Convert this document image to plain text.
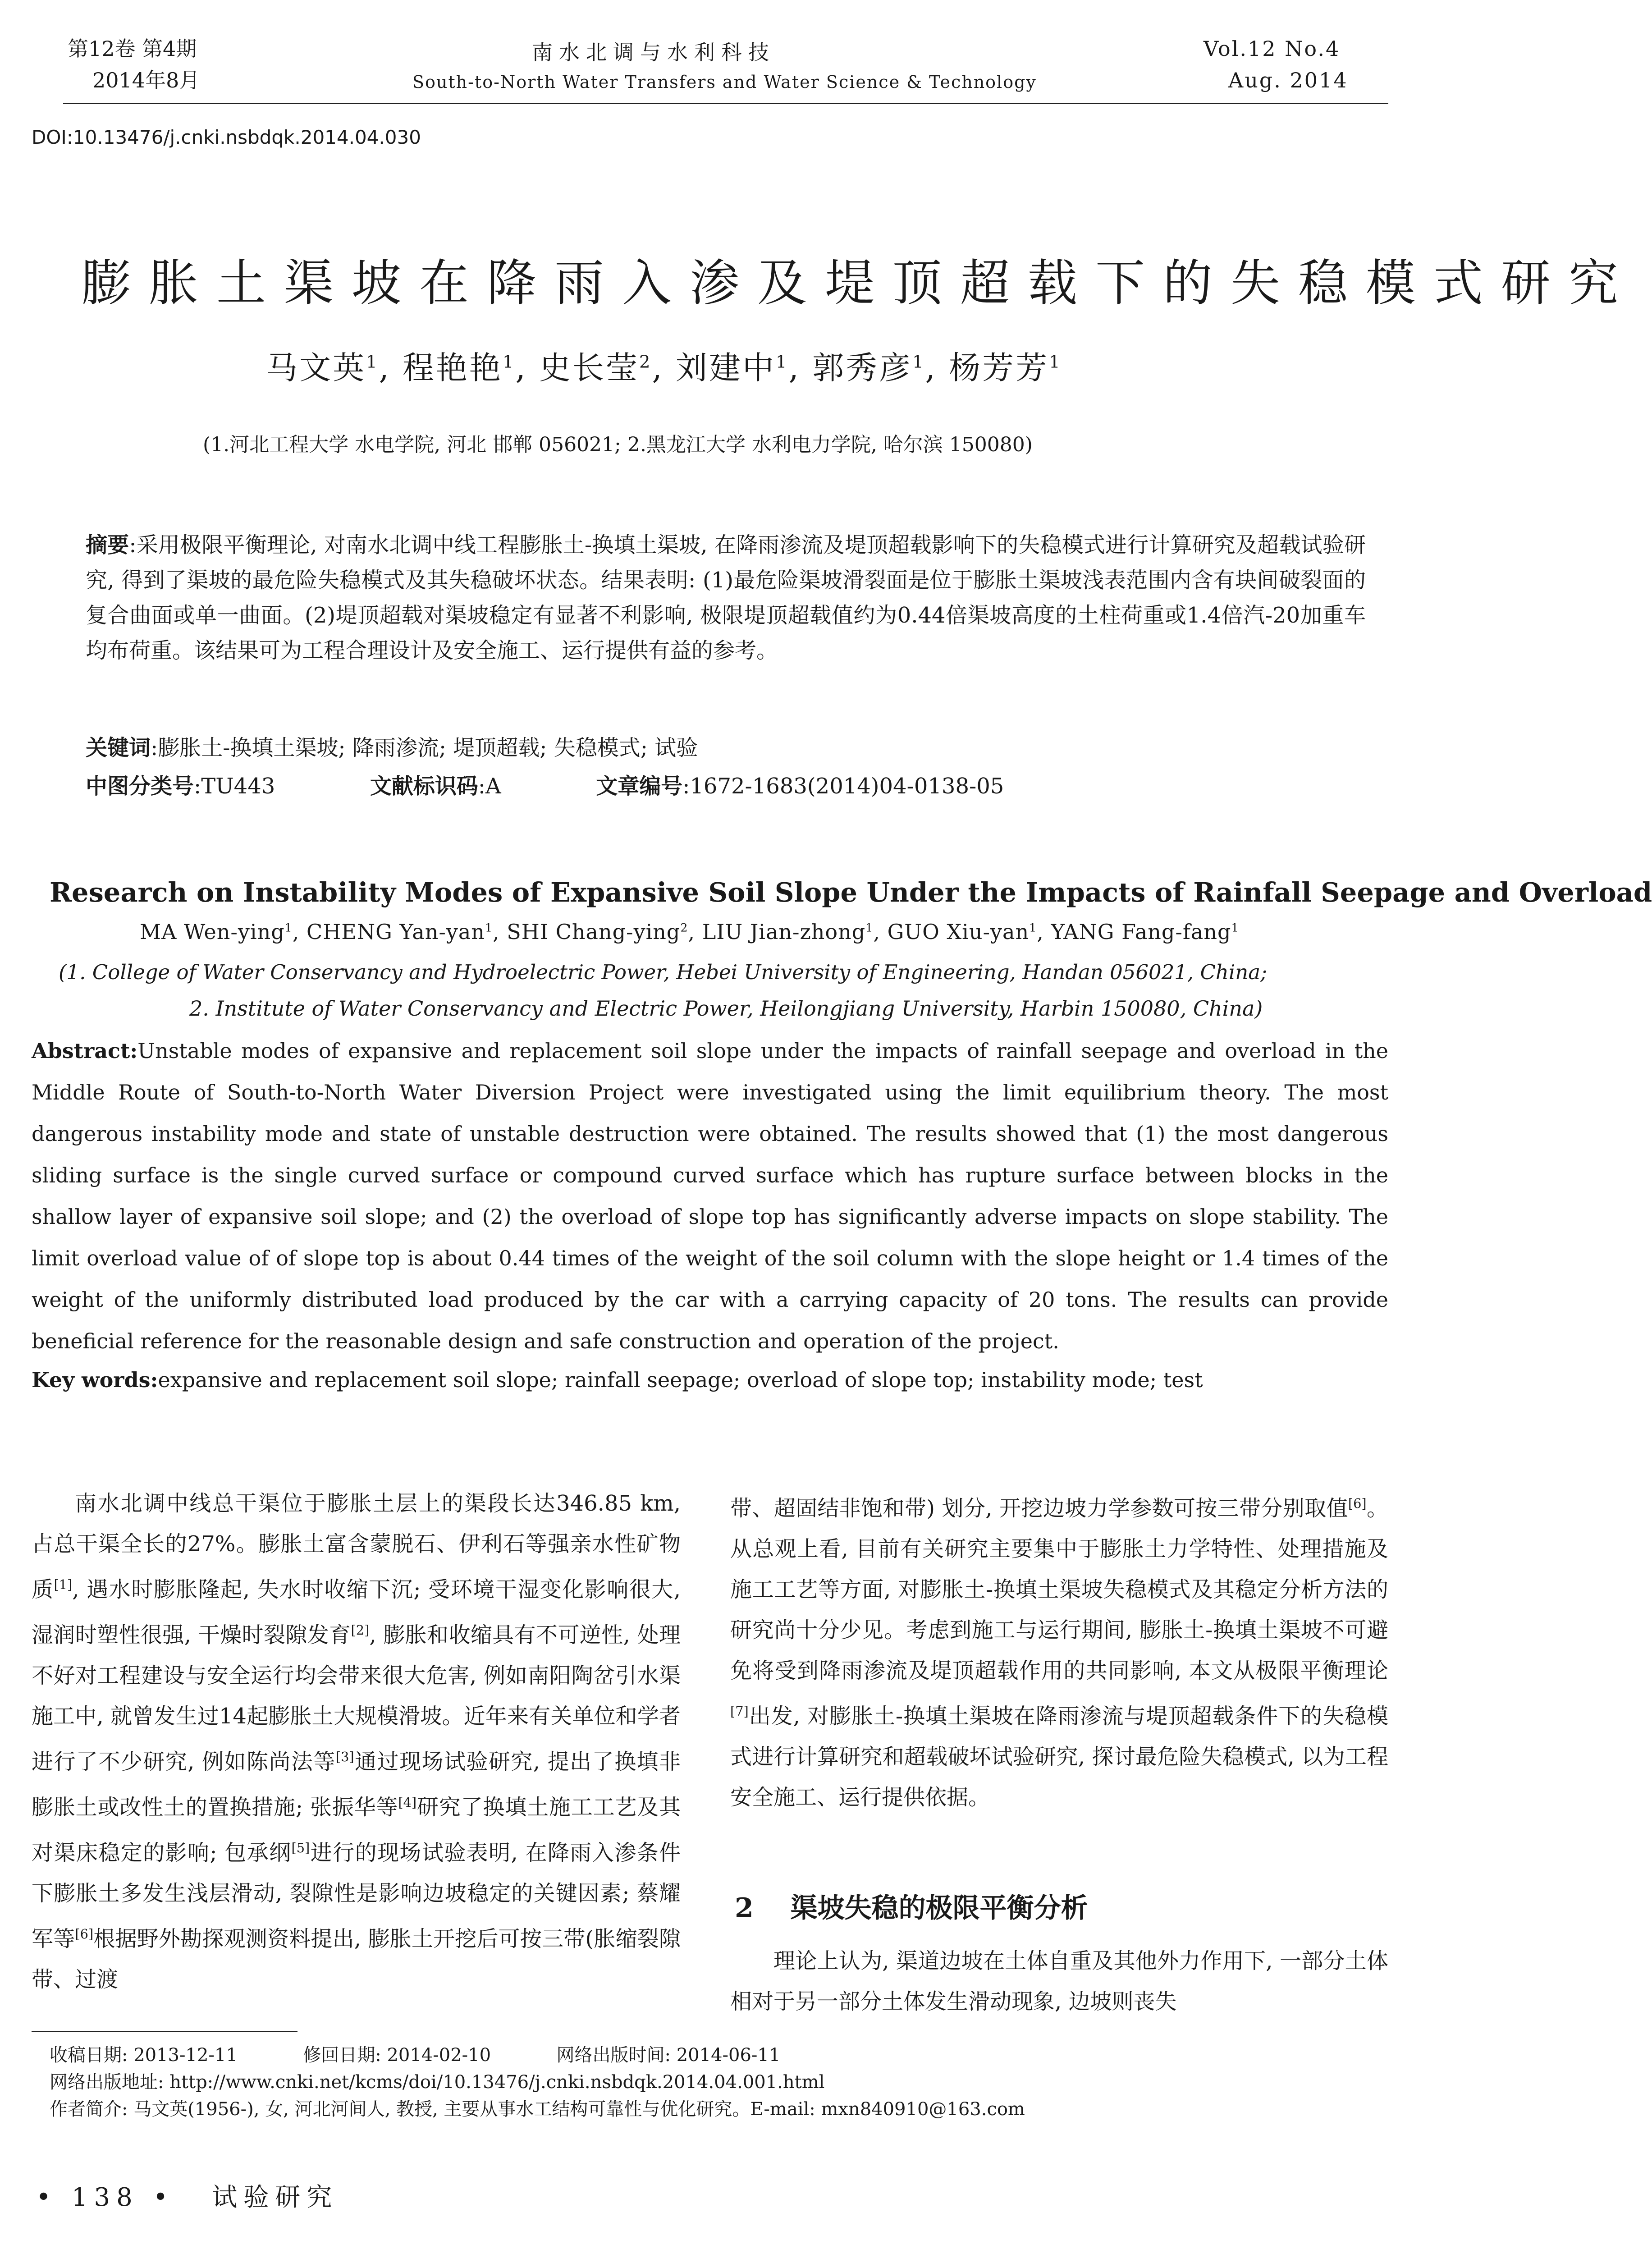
第12卷 第4期
2014年8月
南水北调与水利科技
South-to-North Water Transfers and Water Science & Technology
Vol.12 No.4
Aug. 2014
DOI:10.13476/j.cnki.nsbdqk.2014.04.030
膨胀土渠坡在降雨入渗及堤顶超载下的失稳模式研究
马文英$^1$, 程艳艳$^1$, 史长莹$^2$, 刘建中$^1$, 郭秀彦$^1$, 杨芳芳$^1$
(1.河北工程大学 水电学院, 河北 邯郸 056021; 2.黑龙江大学 水利电力学院, 哈尔滨 150080)
摘要:采用极限平衡理论, 对南水北调中线工程膨胀土-换填土渠坡, 在降雨渗流及堤顶超载影响下的失稳模式进行计算研究及超载试验研究, 得到了渠坡的最危险失稳模式及其失稳破坏状态。结果表明: (1)最危险渠坡滑裂面是位于膨胀土渠坡浅表范围内含有块间破裂面的复合曲面或单一曲面。(2)堤顶超载对渠坡稳定有显著不利影响, 极限堤顶超载值约为0.44倍渠坡高度的土柱荷重或1.4倍汽-20加重车均布荷重。该结果可为工程合理设计及安全施工、运行提供有益的参考。
关键词:膨胀土-换填土渠坡; 降雨渗流; 堤顶超载; 失稳模式; 试验
中图分类号:TU443	文献标识码:A	文章编号:1672-1683(2014)04-0138-05
Research on Instability Modes of Expansive Soil Slope Under the Impacts of Rainfall Seepage and Overload
MA Wen-ying$^1$, CHENG Yan-yan$^1$, SHI Chang-ying$^2$, LIU Jian-zhong$^1$, GUO Xiu-yan$^1$, YANG Fang-fang$^1$
(1. College of Water Conservancy and Hydroelectric Power, Hebei University of Engineering, Handan 056021, China;
2. Institute of Water Conservancy and Electric Power, Heilongjiang University, Harbin 150080, China)
Abstract:Unstable modes of expansive and replacement soil slope under the impacts of rainfall seepage and overload in the Middle Route of South-to-North Water Diversion Project were investigated using the limit equilibrium theory. The most dangerous instability mode and state of unstable destruction were obtained. The results showed that (1) the most dangerous sliding surface is the single curved surface or compound curved surface which has rupture surface between blocks in the shallow layer of expansive soil slope; and (2) the overload of slope top has significantly adverse impacts on slope stability. The limit overload value of of slope top is about 0.44 times of the weight of the soil column with the slope height or 1.4 times of the weight of the uniformly distributed load produced by the car with a carrying capacity of 20 tons. The results can provide beneficial reference for the reasonable design and safe construction and operation of the project.
Key words:expansive and replacement soil slope; rainfall seepage; overload of slope top; instability mode; test
南水北调中线总干渠位于膨胀土层上的渠段长达346.85 km, 占总干渠全长的27%。膨胀土富含蒙脱石、伊利石等强亲水性矿物质[1], 遇水时膨胀隆起, 失水时收缩下沉; 受环境干湿变化影响很大, 湿润时塑性很强, 干燥时裂隙发育[2], 膨胀和收缩具有不可逆性, 处理不好对工程建设与安全运行均会带来很大危害, 例如南阳陶岔引水渠施工中, 就曾发生过14起膨胀土大规模滑坡。近年来有关单位和学者进行了不少研究, 例如陈尚法等[3]通过现场试验研究, 提出了换填非膨胀土或改性土的置换措施; 张振华等[4]研究了换填土施工工艺及其对渠床稳定的影响; 包承纲[5]进行的现场试验表明, 在降雨入渗条件下膨胀土多发生浅层滑动, 裂隙性是影响边坡稳定的关键因素; 蔡耀军等[6]根据野外勘探观测资料提出, 膨胀土开挖后可按三带(胀缩裂隙带、过渡
带、超固结非饱和带) 划分, 开挖边坡力学参数可按三带分别取值[6]。从总观上看, 目前有关研究主要集中于膨胀土力学特性、处理措施及施工工艺等方面, 对膨胀土-换填土渠坡失稳模式及其稳定分析方法的研究尚十分少见。考虑到施工与运行期间, 膨胀土-换填土渠坡不可避免将受到降雨渗流及堤顶超载作用的共同影响, 本文从极限平衡理论[7]出发, 对膨胀土-换填土渠坡在降雨渗流与堤顶超载条件下的失稳模式进行计算研究和超载破坏试验研究, 探讨最危险失稳模式, 以为工程安全施工、运行提供依据。
2 渠坡失稳的极限平衡分析
理论上认为, 渠道边坡在土体自重及其他外力作用下, 一部分土体相对于另一部分土体发生滑动现象, 边坡则丧失
收稿日期: 2013-12-11	修回日期: 2014-02-10	网络出版时间: 2014-06-11
网络出版地址: http://www.cnki.net/kcms/doi/10.13476/j.cnki.nsbdqk.2014.04.001.html
作者简介: 马文英(1956-), 女, 河北河间人, 教授, 主要从事水工结构可靠性与优化研究。E-mail: mxn840910@163.com
• 138 • 试验研究
